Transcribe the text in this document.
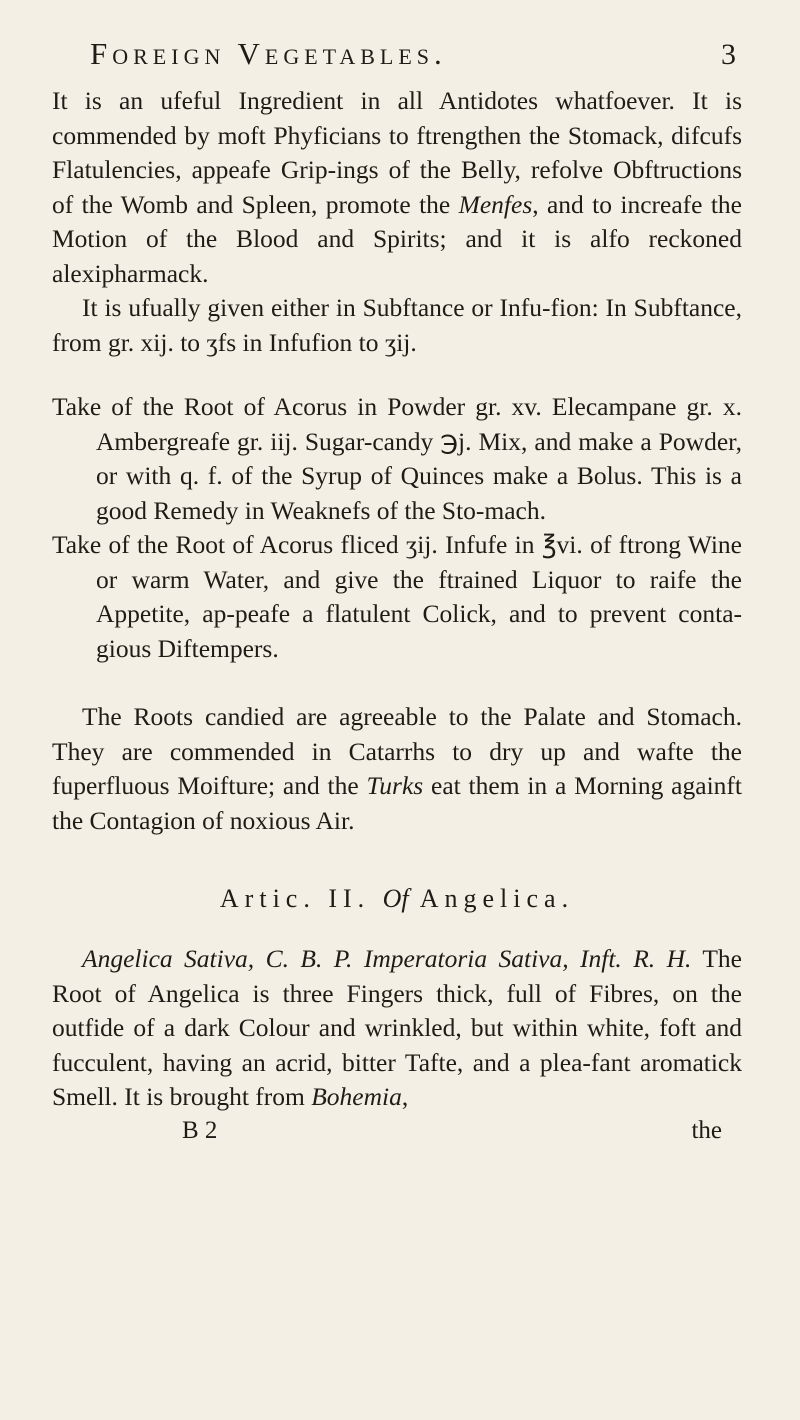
Foreign Vegetables.	3

It is an ufeful Ingredient in all Antidotes whatfoever. It is commended by moft Phyficians to ftrengthen the Stomack, difcufs Flatulencies, appeafe Grip-ings of the Belly, refolve Obftructions of the Womb and Spleen, promote the Menfes, and to increafe the Motion of the Blood and Spirits; and it is alfo reckoned alexipharmack.

It is ufually given either in Subftance or Infu-fion: In Subftance, from gr. xij. to ʒfs in Infufion to ʒij.

Take of the Root of Acorus in Powder gr. xv. Elecampane gr. x. Ambergreafe gr. iij. Sugar-candy ℈j. Mix, and make a Powder, or with q. f. of the Syrup of Quinces make a Bolus. This is a good Remedy in Weaknefs of the Sto-mach.

Take of the Root of Acorus fliced ʒij. Infufe in ℥vi. of ftrong Wine or warm Water, and give the ftrained Liquor to raife the Appetite, ap-peafe a flatulent Colick, and to prevent conta-gious Diftempers.

The Roots candied are agreeable to the Palate and Stomach. They are commended in Catarrhs to dry up and wafte the fuperfluous Moifture; and the Turks eat them in a Morning againft the Contagion of noxious Air.

Artic. II. Of Angelica.

Angelica Sativa, C. B. P. Imperatoria Sativa, Inft. R. H. The Root of Angelica is three Fingers thick, full of Fibres, on the outfide of a dark Colour and wrinkled, but within white, foft and fucculent, having an acrid, bitter Tafte, and a plea-fant aromatick Smell. It is brought from Bohemia,

B 2	the
